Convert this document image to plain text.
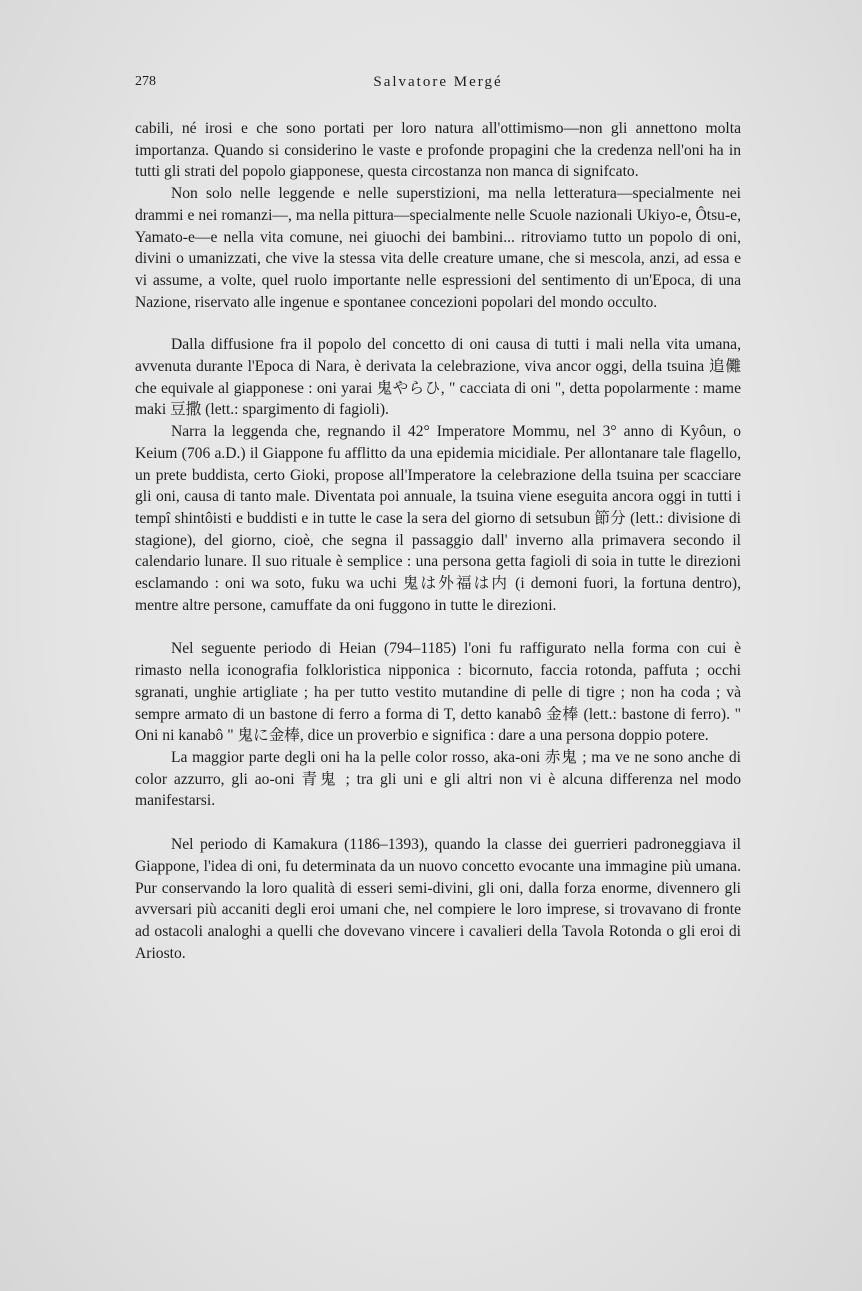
278	Salvatore Mergé

cabili, né irosi e che sono portati per loro natura all'ottimismo—non gli annettono molta importanza. Quando si considerino le vaste e profonde propagini che la credenza nell'oni ha in tutti gli strati del popolo giapponese, questa circostanza non manca di signifcato.

Non solo nelle leggende e nelle superstizioni, ma nella letteratura—specialmente nei drammi e nei romanzi—, ma nella pittura—specialmente nelle Scuole nazionali Ukiyo-e, Ôtsu-e, Yamato-e—e nella vita comune, nei giuochi dei bambini... ritroviamo tutto un popolo di oni, divini o umanizzati, che vive la stessa vita delle creature umane, che si mescola, anzi, ad essa e vi assume, a volte, quel ruolo importante nelle espressioni del sentimento di un'Epoca, di una Nazione, riservato alle ingenue e spontanee concezioni popolari del mondo occulto.

Dalla diffusione fra il popolo del concetto di oni causa di tutti i mali nella vita umana, avvenuta durante l'Epoca di Nara, è derivata la celebrazione, viva ancor oggi, della tsuina 追儺 che equivale al giapponese : oni yarai 鬼やらひ, " cacciata di oni ", detta popolarmente : mame maki 豆撒 (lett.: spargimento di fagioli).

Narra la leggenda che, regnando il 42° Imperatore Mommu, nel 3° anno di Kyôun, o Keium (706 a.D.) il Giappone fu afflitto da una epidemia micidiale. Per allontanare tale flagello, un prete buddista, certo Gioki, propose all'Imperatore la celebrazione della tsuina per scacciare gli oni, causa di tanto male. Diventata poi annuale, la tsuina viene eseguita ancora oggi in tutti i tempî shintôisti e buddisti e in tutte le case la sera del giorno di setsubun 節分 (lett.: divisione di stagione), del giorno, cioè, che segna il passaggio dall' inverno alla primavera secondo il calendario lunare. Il suo rituale è semplice : una persona getta fagioli di soia in tutte le direzioni esclamando : oni wa soto, fuku wa uchi 鬼は外福は内 (i demoni fuori, la fortuna dentro), mentre altre persone, camuffate da oni fuggono in tutte le direzioni.

Nel seguente periodo di Heian (794–1185) l'oni fu raffigurato nella forma con cui è rimasto nella iconografia folkloristica nipponica : bicornuto, faccia rotonda, paffuta ; occhi sgranati, unghie artigliate ; ha per tutto vestito mutandine di pelle di tigre ; non ha coda ; và sempre armato di un bastone di ferro a forma di T, detto kanabô 金棒 (lett.: bastone di ferro). " Oni ni kanabô " 鬼に金棒, dice un proverbio e significa : dare a una persona doppio potere.

La maggior parte degli oni ha la pelle color rosso, aka-oni 赤鬼 ; ma ve ne sono anche di color azzurro, gli ao-oni 青鬼 ; tra gli uni e gli altri non vi è alcuna differenza nel modo manifestarsi.

Nel periodo di Kamakura (1186–1393), quando la classe dei guerrieri padroneggiava il Giappone, l'idea di oni, fu determinata da un nuovo concetto evocante una immagine più umana. Pur conservando la loro qualità di esseri semi-divini, gli oni, dalla forza enorme, divennero gli avversari più accaniti degli eroi umani che, nel compiere le loro imprese, si trovavano di fronte ad ostacoli analoghi a quelli che dovevano vincere i cavalieri della Tavola Rotonda o gli eroi di Ariosto.
